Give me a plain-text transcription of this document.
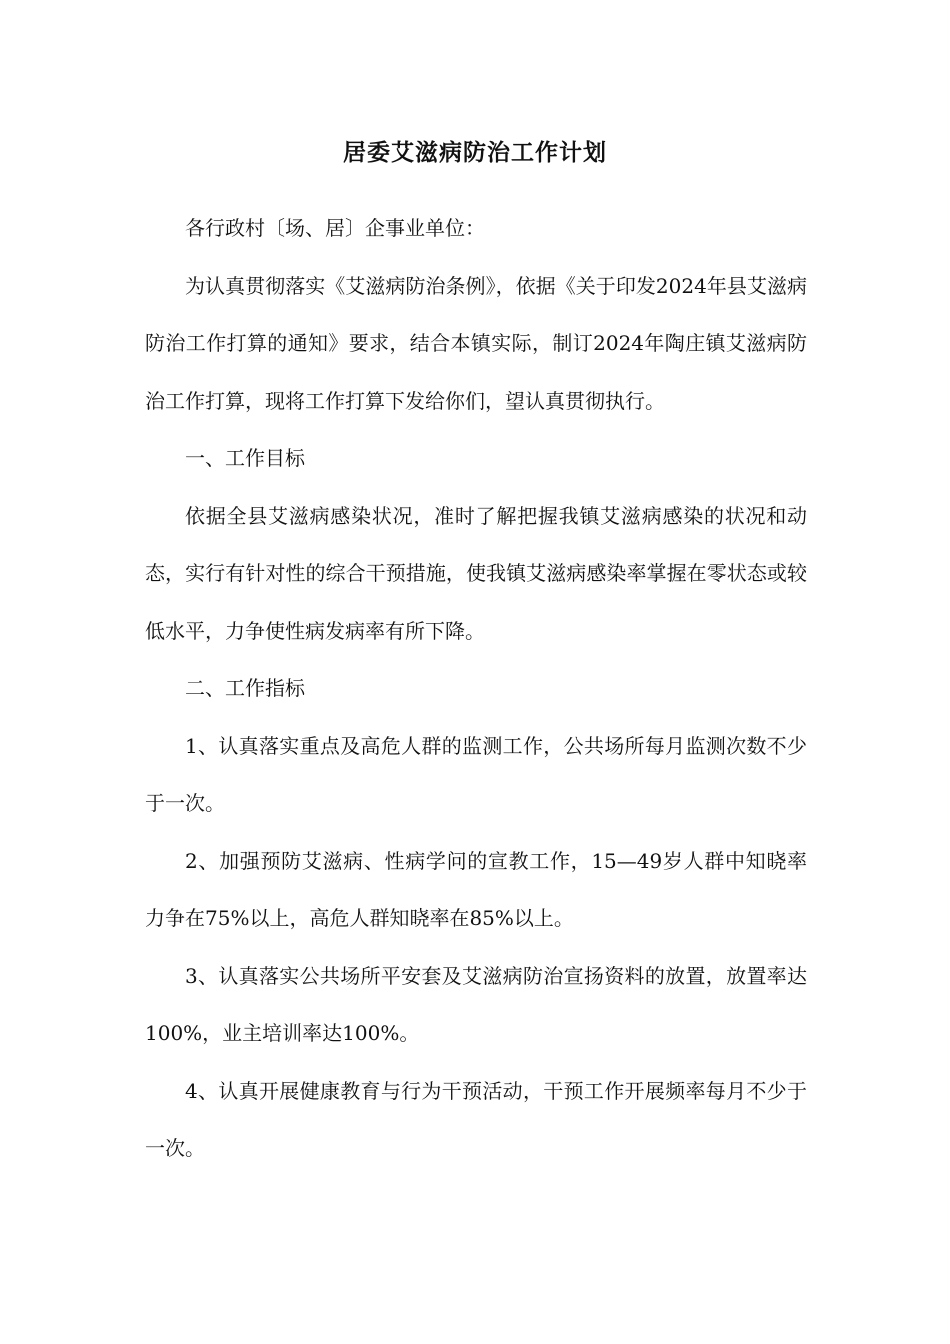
居委艾滋病防治工作计划

各行政村〔场、居〕企事业单位：

为认真贯彻落实《艾滋病防治条例》，依据《关于印发2024年县艾滋病防治工作打算的通知》要求，结合本镇实际，制订2024年陶庄镇艾滋病防治工作打算，现将工作打算下发给你们，望认真贯彻执行。

一、工作目标

依据全县艾滋病感染状况，准时了解把握我镇艾滋病感染的状况和动态，实行有针对性的综合干预措施，使我镇艾滋病感染率掌握在零状态或较低水平，力争使性病发病率有所下降。

二、工作指标

1、认真落实重点及高危人群的监测工作，公共场所每月监测次数不少于一次。

2、加强预防艾滋病、性病学问的宣教工作，15—49岁人群中知晓率力争在75%以上，高危人群知晓率在85%以上。

3、认真落实公共场所平安套及艾滋病防治宣扬资料的放置，放置率达100%，业主培训率达100%。

4、认真开展健康教育与行为干预活动，干预工作开展频率每月不少于一次。
